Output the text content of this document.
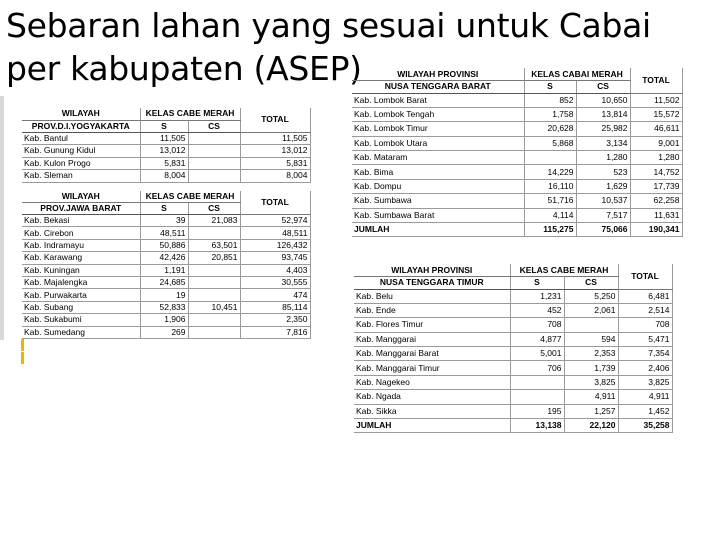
Sebaran lahan yang sesuai untuk Cabai
per kabupaten (ASEP)
WILAYAH	KELAS CABE MERAH		TOTAL
PROV.D.I.YOGYAKARTA	S	CS	
Kab. Bantul	11,505		11,505
Kab. Gunung Kidul	13,012		13,012
Kab. Kulon Progo	5,831		5,831
Kab. Sleman	8,004		8,004

WILAYAH	KELAS CABE MERAH		TOTAL
PROV.JAWA BARAT	S	CS	
Kab. Bekasi	39	21,083	52,974
Kab. Cirebon	48,511		48,511
Kab. Indramayu	50,886	63,501	126,432
Kab. Karawang	42,426	20,851	93,745
Kab. Kuningan	1,191		4,403
Kab. Majalengka	24,685		30,555
Kab. Purwakarta	19		474
Kab. Subang	52,833	10,451	85,114
Kab. Sukabumi	1,906		2,350
Kab. Sumedang	269		7,816
WILAYAH PROVINSI	KELAS CABAI MERAH		TOTAL
NUSA TENGGARA BARAT	S	CS	
Kab. Lombok Barat	852	10,650	11,502
Kab. Lombok Tengah	1,758	13,814	15,572
Kab. Lombok Timur	20,628	25,982	46,611
Kab. Lombok Utara	5,868	3,134	9,001
Kab. Mataram		1,280	1,280
Kab. Bima	14,229	523	14,752
Kab. Dompu	16,110	1,629	17,739
Kab. Sumbawa	51,716	10,537	62,258
Kab. Sumbawa Barat	4,114	7,517	11,631
JUMLAH	115,275	75,066	190,341
WILAYAH PROVINSI	KELAS CABE MERAH		TOTAL
NUSA TENGGARA TIMUR	S	CS	
Kab. Belu	1,231	5,250	6,481
Kab. Ende	452	2,061	2,514
Kab. Flores Timur	708		708
Kab. Manggarai	4,877	594	5,471
Kab. Manggarai Barat	5,001	2,353	7,354
Kab. Manggarai Timur	706	1,739	2,406
Kab. Nagekeo		3,825	3,825
Kab. Ngada		4,911	4,911
Kab. Sikka	195	1,257	1,452
JUMLAH	13,138	22,120	35,258
